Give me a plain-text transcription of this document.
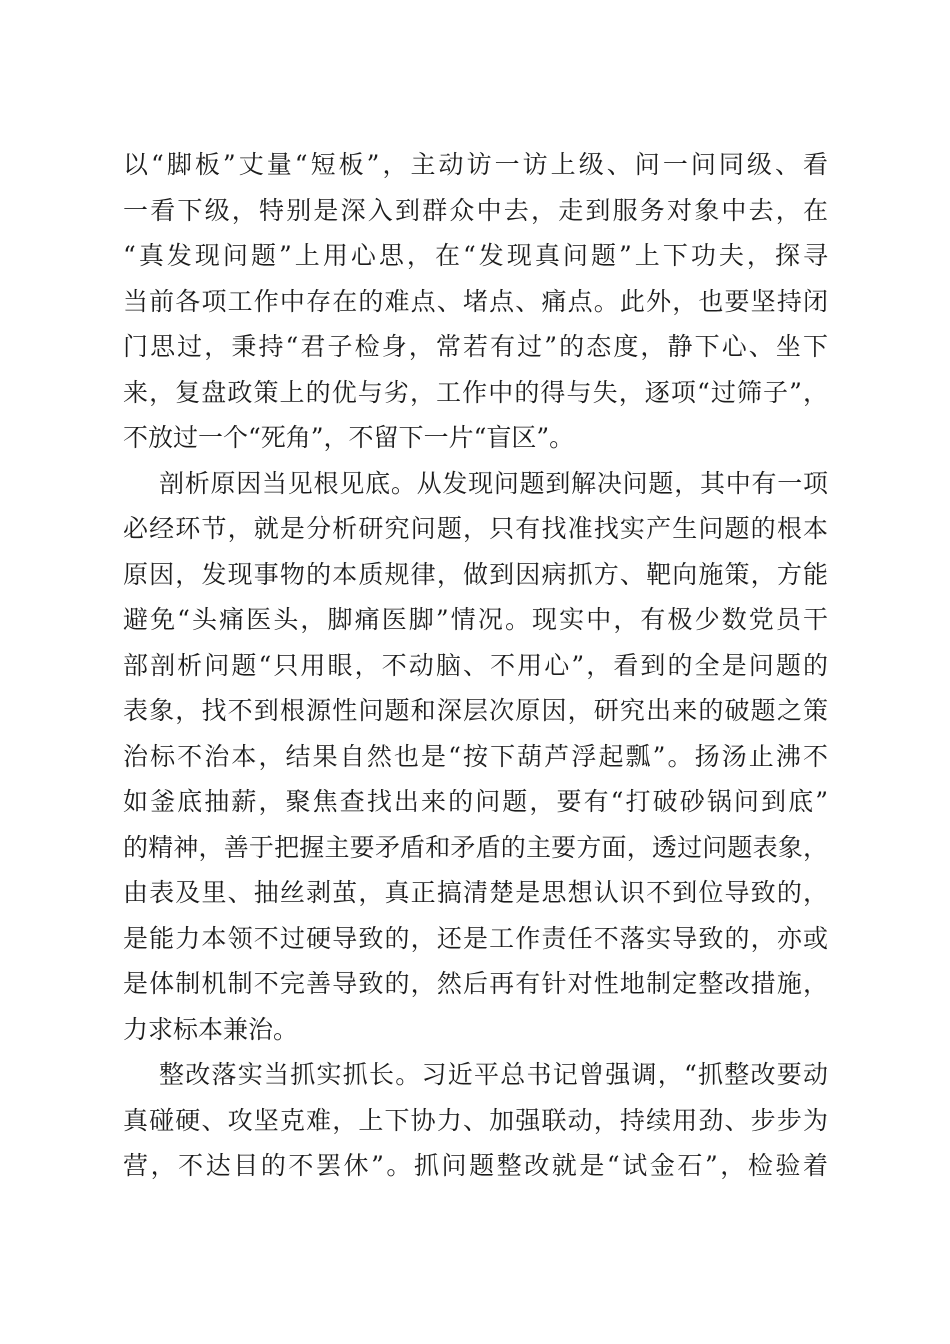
以“脚板”丈量“短板”，主动访一访上级、问一问同级、看
一看下级，特别是深入到群众中去，走到服务对象中去，在
“真发现问题”上用心思，在“发现真问题”上下功夫，探寻
当前各项工作中存在的难点、堵点、痛点。此外，也要坚持闭
门思过，秉持“君子检身，常若有过”的态度，静下心、坐下
来，复盘政策上的优与劣，工作中的得与失，逐项“过筛子”，
不放过一个“死角”，不留下一片“盲区”。
剖析原因当见根见底。从发现问题到解决问题，其中有一项
必经环节，就是分析研究问题，只有找准找实产生问题的根本
原因，发现事物的本质规律，做到因病抓方、靶向施策，方能
避免“头痛医头，脚痛医脚”情况。现实中，有极少数党员干
部剖析问题“只用眼，不动脑、不用心”，看到的全是问题的
表象，找不到根源性问题和深层次原因，研究出来的破题之策
治标不治本，结果自然也是“按下葫芦浮起瓢”。扬汤止沸不
如釜底抽薪，聚焦查找出来的问题，要有“打破砂锅问到底”
的精神，善于把握主要矛盾和矛盾的主要方面，透过问题表象，
由表及里、抽丝剥茧，真正搞清楚是思想认识不到位导致的，
是能力本领不过硬导致的，还是工作责任不落实导致的，亦或
是体制机制不完善导致的，然后再有针对性地制定整改措施，
力求标本兼治。
整改落实当抓实抓长。习近平总书记曾强调，“抓整改要动
真碰硬、攻坚克难，上下协力、加强联动，持续用劲、步步为
营，不达目的不罢休”。抓问题整改就是“试金石”，检验着
